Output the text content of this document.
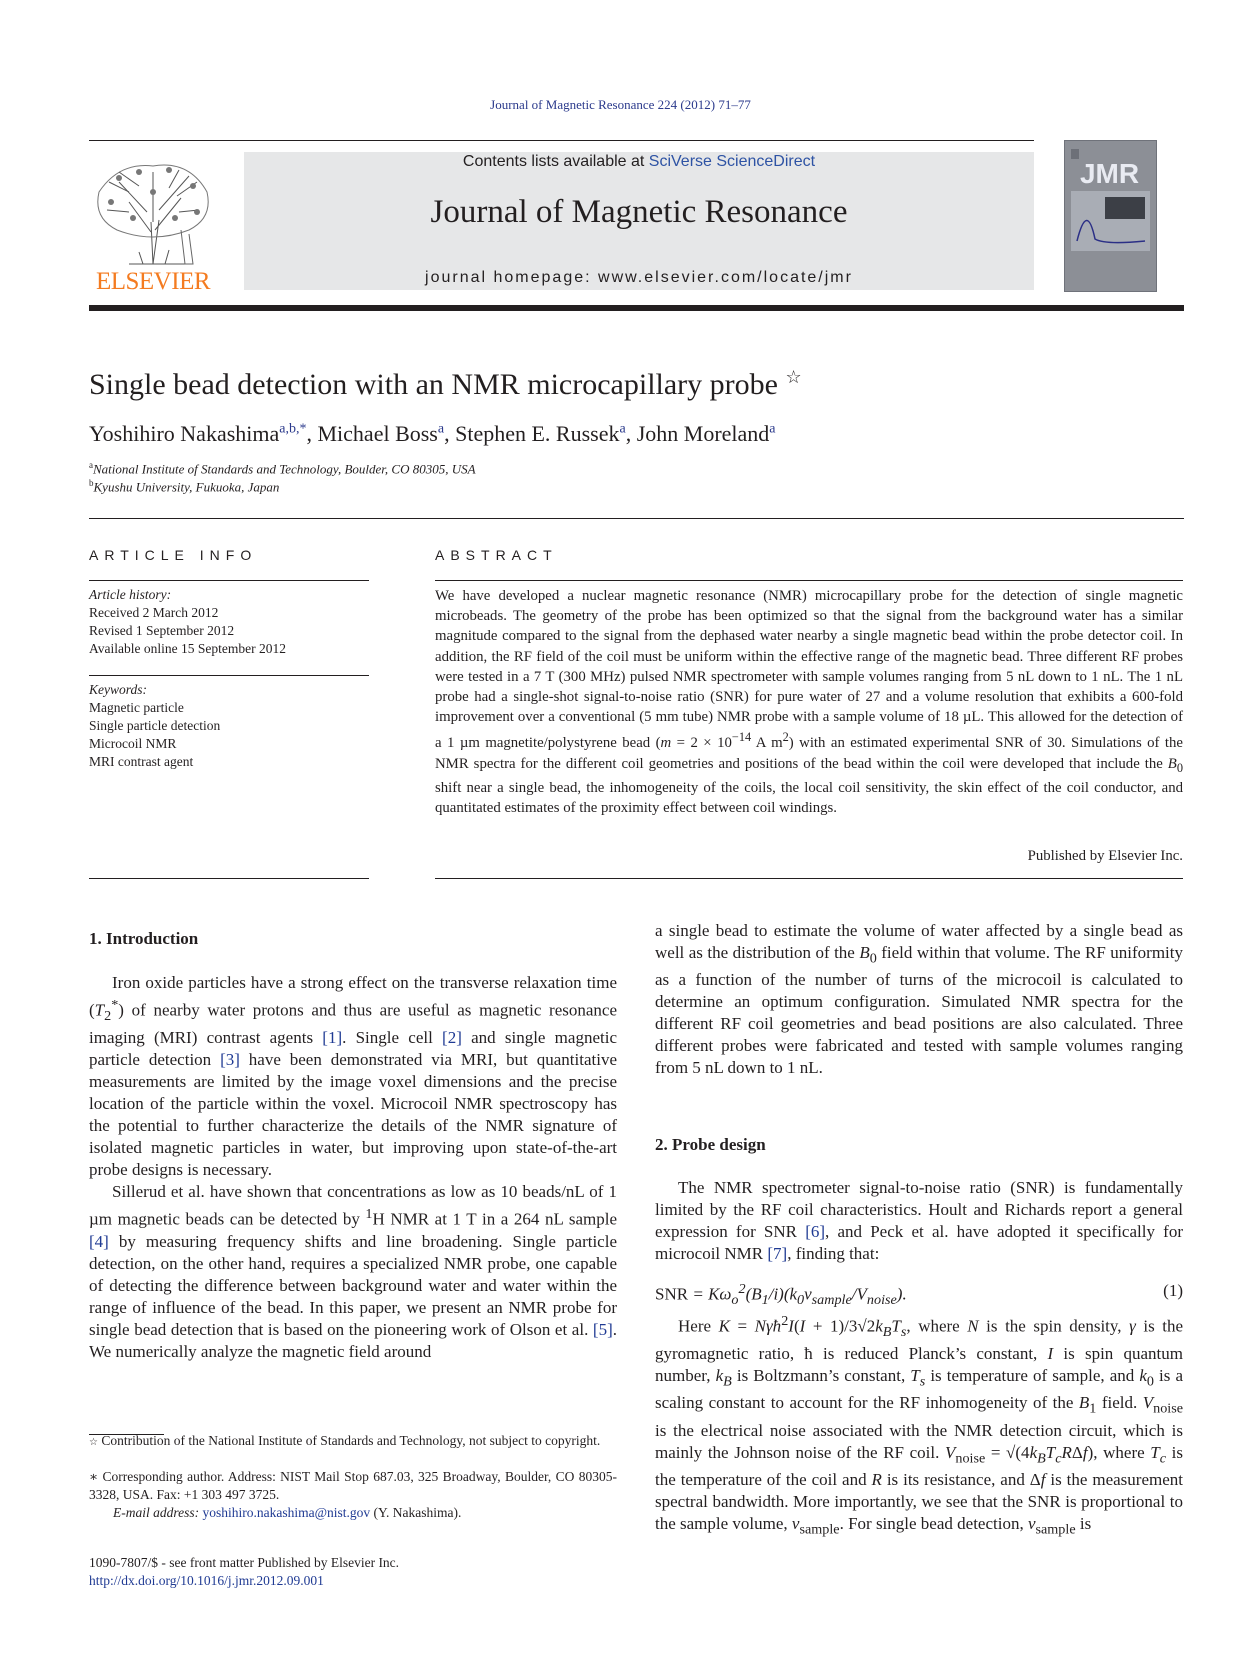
Journal of Magnetic Resonance 224 (2012) 71–77
ELSEVIER
Contents lists available at SciVerse ScienceDirect
Journal of Magnetic Resonance
journal homepage: www.elsevier.com/locate/jmr
JMR
Single bead detection with an NMR microcapillary probe ☆
Yoshihiro Nakashima$^{a,b,*}$, Michael Boss$^a$, Stephen E. Russek$^a$, John Moreland$^a$
$^a$National Institute of Standards and Technology, Boulder, CO 80305, USA
$^b$Kyushu University, Fukuoka, Japan
ARTICLE INFO
Article history:
Received 2 March 2012
Revised 1 September 2012
Available online 15 September 2012
Keywords:
Magnetic particle
Single particle detection
Microcoil NMR
MRI contrast agent
ABSTRACT
We have developed a nuclear magnetic resonance (NMR) microcapillary probe for the detection of single magnetic microbeads. The geometry of the probe has been optimized so that the signal from the background water has a similar magnitude compared to the signal from the dephased water nearby a single magnetic bead within the probe detector coil. In addition, the RF field of the coil must be uniform within the effective range of the magnetic bead. Three different RF probes were tested in a 7 T (300 MHz) pulsed NMR spectrometer with sample volumes ranging from 5 nL down to 1 nL. The 1 nL probe had a single-shot signal-to-noise ratio (SNR) for pure water of 27 and a volume resolution that exhibits a 600-fold improvement over a conventional (5 mm tube) NMR probe with a sample volume of 18 µL. This allowed for the detection of a 1 µm magnetite/polystyrene bead ($m = 2 \times 10^{-14}$ A $m^2$) with an estimated experimental SNR of 30. Simulations of the NMR spectra for the different coil geometries and positions of the bead within the coil were developed that include the $B_0$ shift near a single bead, the inhomogeneity of the coils, the local coil sensitivity, the skin effect of the coil conductor, and quantitated estimates of the proximity effect between coil windings.
Published by Elsevier Inc.
1. Introduction

Iron oxide particles have a strong effect on the transverse relaxation time $(T_2^*)$ of nearby water protons and thus are useful as magnetic resonance imaging (MRI) contrast agents [1]. Single cell [2] and single magnetic particle detection [3] have been demonstrated via MRI, but quantitative measurements are limited by the image voxel dimensions and the precise location of the particle within the voxel. Microcoil NMR spectroscopy has the potential to further characterize the details of the NMR signature of isolated magnetic particles in water, but improving upon state-of-the-art probe designs is necessary.

Sillerud et al. have shown that concentrations as low as 10 beads/nL of 1 µm magnetic beads can be detected by $^1$H NMR at 1 T in a 264 nL sample [4] by measuring frequency shifts and line broadening. Single particle detection, on the other hand, requires a specialized NMR probe, one capable of detecting the difference between background water and water within the range of influence of the bead. In this paper, we present an NMR probe for single bead detection that is based on the pioneering work of Olson et al. [5]. We numerically analyze the magnetic field around

☆ Contribution of the National Institute of Standards and Technology, not subject to copyright.
∗ Corresponding author. Address: NIST Mail Stop 687.03, 325 Broadway, Boulder, CO 80305-3328, USA. Fax: +1 303 497 3725.
E-mail address: yoshihiro.nakashima@nist.gov (Y. Nakashima).
1090-7807/$ - see front matter Published by Elsevier Inc.
http://dx.doi.org/10.1016/j.jmr.2012.09.001

a single bead to estimate the volume of water affected by a single bead as well as the distribution of the $B_0$ field within that volume. The RF uniformity as a function of the number of turns of the microcoil is calculated to determine an optimum configuration. Simulated NMR spectra for the different RF coil geometries and bead positions are also calculated. Three different probes were fabricated and tested with sample volumes ranging from 5 nL down to 1 nL.

2. Probe design

The NMR spectrometer signal-to-noise ratio (SNR) is fundamentally limited by the RF coil characteristics. Hoult and Richards report a general expression for SNR [6], and Peck et al. have adopted it specifically for microcoil NMR [7], finding that:

SNR = $K\omega_o^2(B_1/i)(k_0v_{sample}/V_{noise})$.	(1)

Here K = Nγħ$^2$I(I + $1)/3√2k_BT_s$, where N is the spin density, γ is the gyromagnetic ratio, ħ is reduced Planck’s constant, I is spin quantum number, $k_B$ is Boltzmann’s constant, $T_s$ is temperature of sample, and $k_0$ is a scaling constant to account for the RF inhomogeneity of the $B_1$ field. $V_{noise}$ is the electrical noise associated with the NMR detection circuit, which is mainly the Johnson noise of the RF coil. $V_{noise} = √(4k_BT_cR\Delta f)$, where $T_c$ is the temperature of the coil and R is its resistance, and Δf is the measurement spectral bandwidth. More importantly, we see that the SNR is proportional to the sample volume, $v_{sample}$. For single bead detection, $v_{sample}$ is
